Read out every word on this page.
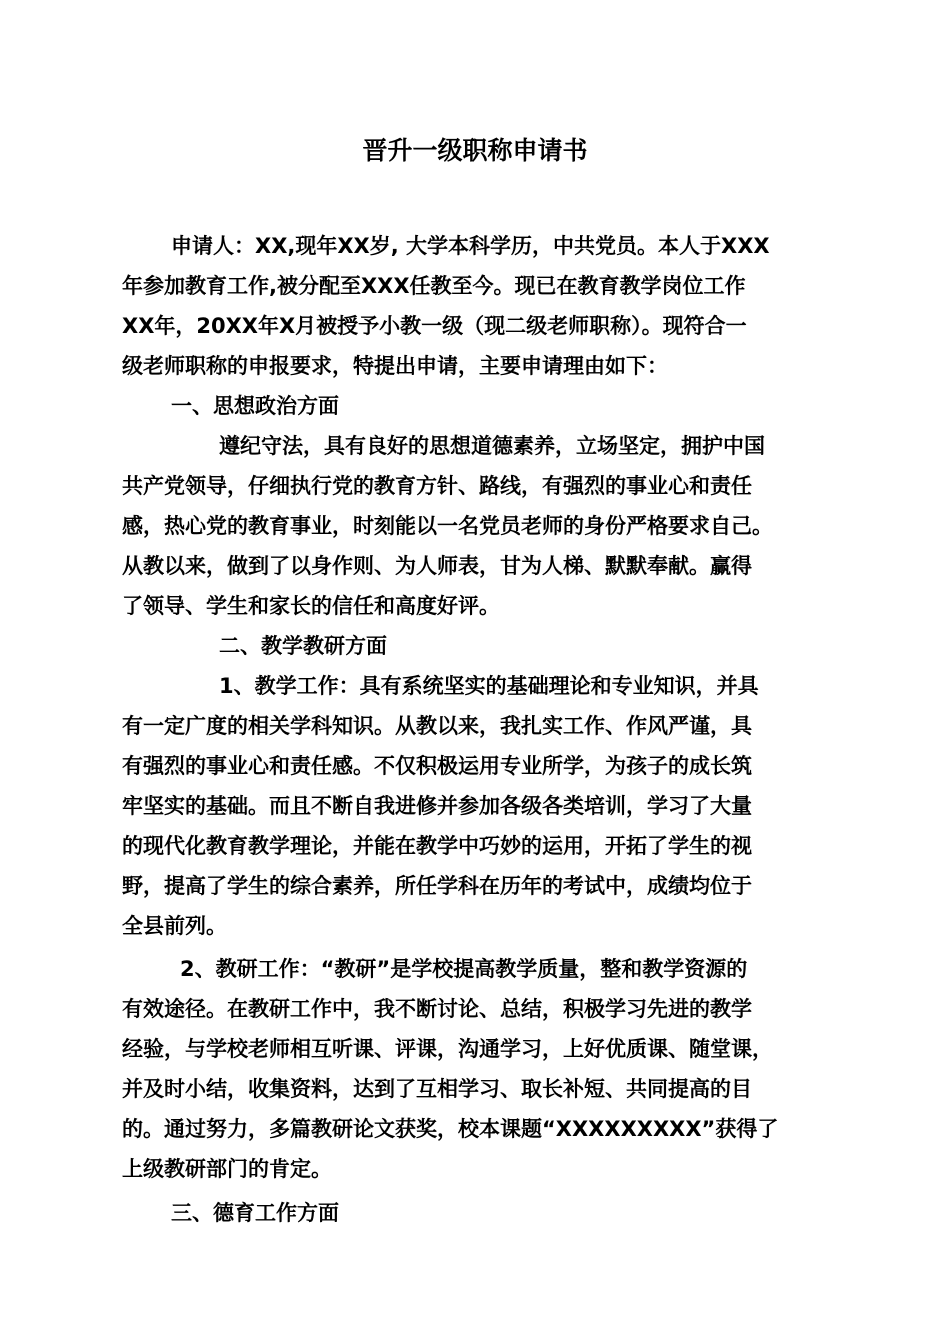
晋升一级职称申请书
申请人：XX,现年XX岁, 大学本科学历，中共党员。本人于XXX
年参加教育工作,被分配至XXX任教至今。现已在教育教学岗位工作
XX年，20XX年X月被授予小教一级（现二级老师职称）。现符合一
级老师职称的申报要求，特提出申请，主要申请理由如下：
一、思想政治方面
遵纪守法，具有良好的思想道德素养，立场坚定，拥护中国
共产党领导，仔细执行党的教育方针、路线，有强烈的事业心和责任
感，热心党的教育事业，时刻能以一名党员老师的身份严格要求自己。
从教以来，做到了以身作则、为人师表，甘为人梯、默默奉献。赢得
了领导、学生和家长的信任和高度好评。
二、教学教研方面
1、教学工作：具有系统坚实的基础理论和专业知识，并具
有一定广度的相关学科知识。从教以来，我扎实工作、作风严谨，具
有强烈的事业心和责任感。不仅积极运用专业所学，为孩子的成长筑
牢坚实的基础。而且不断自我进修并参加各级各类培训，学习了大量
的现代化教育教学理论，并能在教学中巧妙的运用，开拓了学生的视
野，提高了学生的综合素养，所任学科在历年的考试中，成绩均位于
全县前列。
2、教研工作：“教研”是学校提高教学质量，整和教学资源的
有效途径。在教研工作中，我不断讨论、总结，积极学习先进的教学
经验，与学校老师相互听课、评课，沟通学习，上好优质课、随堂课，
并及时小结，收集资料，达到了互相学习、取长补短、共同提高的目
的。通过努力，多篇教研论文获奖，校本课题“XXXXXXXXX”获得了
上级教研部门的肯定。
三、德育工作方面
